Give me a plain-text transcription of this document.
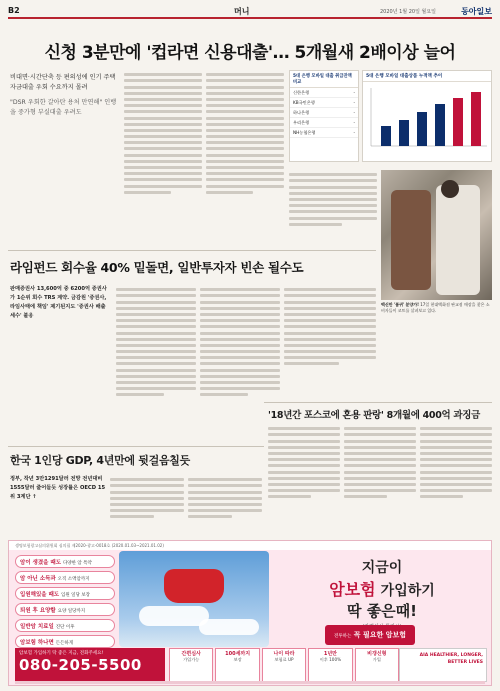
B2	머니	2020년 1월 20일 월요일	동아일보
신청 3분만에 '컵라면 신용대출'… 5개월새 2배이상 늘어

비대면·시간단축 등 편의성에 인기 주택자금대출 우회 수요까지 몰려

"DSR 우회한 갈아탄 용처 만연해" 인뱅을 중가형 부실대출 우려도

5대 은행 모바일 대출 취급잔액 비교
신한은행	-
KB국민은행	-
하나은행	-
우리은행	-
NH농협은행	-
5대 은행 모바일 대출상품 누적액 추이
백신만 '품귀' 분양가! 17일 현대백화점 판교점 매장을 찾은 소비자들이 코트를 살펴보고 있다.
라임펀드 회수율 40% 밑돌면, 일반투자자 빈손 될수도
판매증권사 13,600억 중 6200억 증권사가 1순위 회수 TRS 계약. 금감원 '증권사, 라임사태에 책임' 제기된지도 '증권사 배출세수' 불응
한국 1인당 GDP, 4년만에 뒷걸음칠듯
정부, 작년 3만1291달러 전망 전년대비 1555달러 줄어들듯 성장률은 OECD 15위 3계단 ↑
'18년간 포스코에 혼용 판랑' 8개월에 400억 과징금
생명보험광고심의위원회 심의필 제2020-광고-0018호 (2020.01.03~2021.01.02)
암이 생겼을 때도 다양한 암 특약
암 아닌 소득과 오직 소액암까지
입원해있을 때도 입원 일당 보장
퇴원 후 요양할 요양 일당까지
일반암 치료일 진단 이후
암보험 하나면 든든하게
지금이
암보험 가입하기
딱 좋은때!
전투하는 꼭 필요한 암보험
암보험 가입하기 딱 좋은 지금, 전화주세요!
080-205-5500
간편심사
가입가능
100세까지
보장
나이 따라
보험료 UP
1년만
이후 100%
비갱신형
가입
AIA HEALTHIER, LONGER, BETTER LIVES
